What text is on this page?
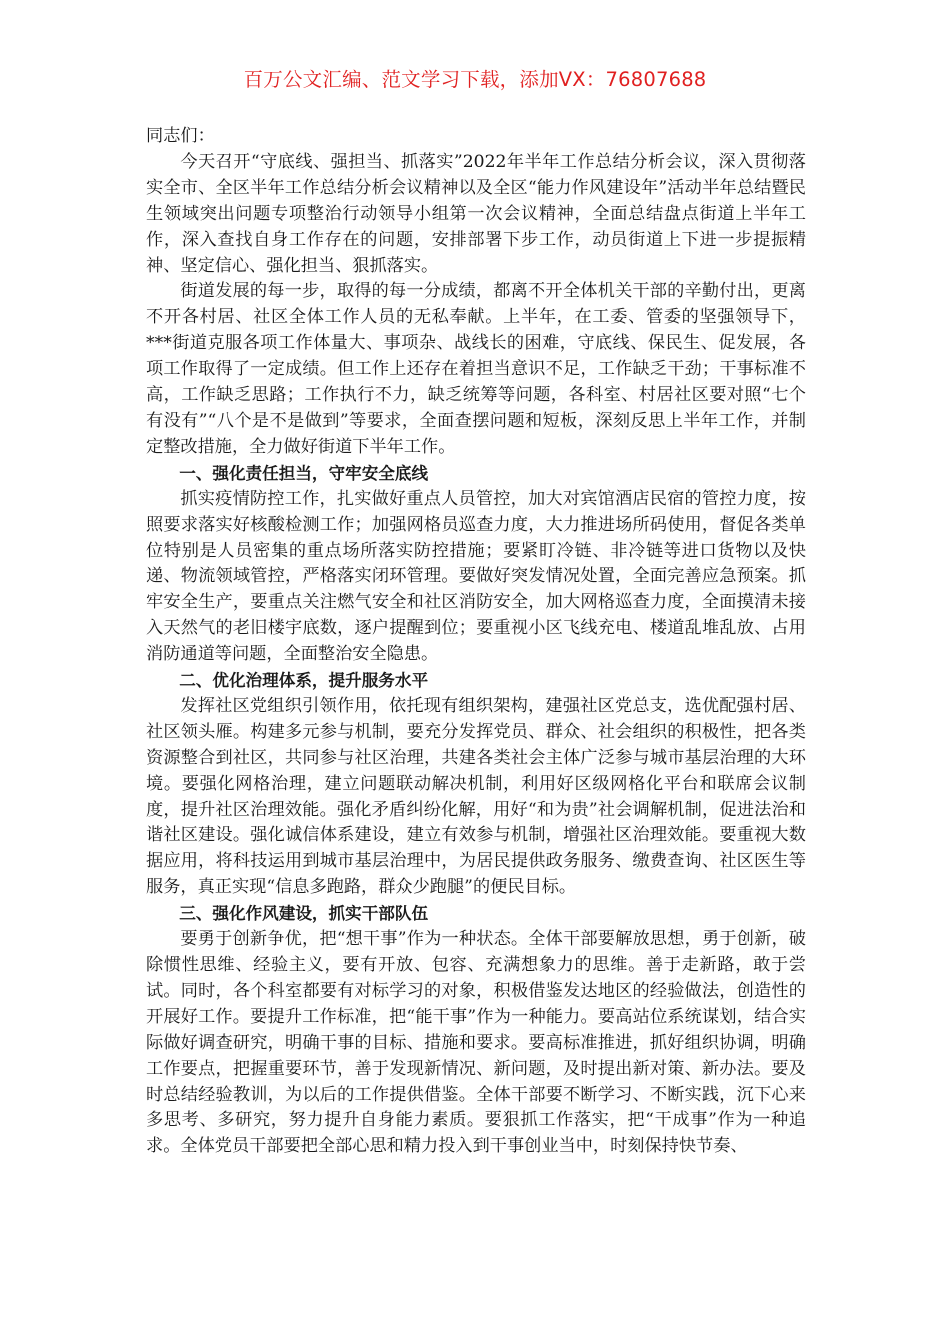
百万公文汇编、范文学习下载，添加VX：76807688

同志们：

今天召开“守底线、强担当、抓落实”2022年半年工作总结分析会议，深入贯彻落实全市、全区半年工作总结分析会议精神以及全区“能力作风建设年”活动半年总结暨民生领域突出问题专项整治行动领导小组第一次会议精神，全面总结盘点街道上半年工作，深入查找自身工作存在的问题，安排部署下步工作，动员街道上下进一步提振精神、坚定信心、强化担当、狠抓落实。

街道发展的每一步，取得的每一分成绩，都离不开全体机关干部的辛勤付出，更离不开各村居、社区全体工作人员的无私奉献。上半年，在工委、管委的坚强领导下，***街道克服各项工作体量大、事项杂、战线长的困难，守底线、保民生、促发展，各项工作取得了一定成绩。但工作上还存在着担当意识不足，工作缺乏干劲；干事标准不高，工作缺乏思路；工作执行不力，缺乏统筹等问题，各科室、村居社区要对照“七个有没有”“八个是不是做到”等要求，全面查摆问题和短板，深刻反思上半年工作，并制定整改措施，全力做好街道下半年工作。

一、强化责任担当，守牢安全底线

抓实疫情防控工作，扎实做好重点人员管控，加大对宾馆酒店民宿的管控力度，按照要求落实好核酸检测工作；加强网格员巡查力度，大力推进场所码使用，督促各类单位特别是人员密集的重点场所落实防控措施；要紧盯冷链、非冷链等进口货物以及快递、物流领域管控，严格落实闭环管理。要做好突发情况处置，全面完善应急预案。抓牢安全生产，要重点关注燃气安全和社区消防安全，加大网格巡查力度，全面摸清未接入天然气的老旧楼宇底数，逐户提醒到位；要重视小区飞线充电、楼道乱堆乱放、占用消防通道等问题，全面整治安全隐患。

二、优化治理体系，提升服务水平

发挥社区党组织引领作用，依托现有组织架构，建强社区党总支，选优配强村居、社区领头雁。构建多元参与机制，要充分发挥党员、群众、社会组织的积极性，把各类资源整合到社区，共同参与社区治理，共建各类社会主体广泛参与城市基层治理的大环境。要强化网格治理，建立问题联动解决机制，利用好区级网格化平台和联席会议制度，提升社区治理效能。强化矛盾纠纷化解，用好“和为贵”社会调解机制，促进法治和谐社区建设。强化诚信体系建设，建立有效参与机制，增强社区治理效能。要重视大数据应用，将科技运用到城市基层治理中，为居民提供政务服务、缴费查询、社区医生等服务，真正实现“信息多跑路，群众少跑腿”的便民目标。

三、强化作风建设，抓实干部队伍

要勇于创新争优，把“想干事”作为一种状态。全体干部要解放思想，勇于创新，破除惯性思维、经验主义，要有开放、包容、充满想象力的思维。善于走新路，敢于尝试。同时，各个科室都要有对标学习的对象，积极借鉴发达地区的经验做法，创造性的开展好工作。要提升工作标准，把“能干事”作为一种能力。要高站位系统谋划，结合实际做好调查研究，明确干事的目标、措施和要求。要高标准推进，抓好组织协调，明确工作要点，把握重要环节，善于发现新情况、新问题，及时提出新对策、新办法。要及时总结经验教训，为以后的工作提供借鉴。全体干部要不断学习、不断实践，沉下心来多思考、多研究，努力提升自身能力素质。要狠抓工作落实，把“干成事”作为一种追求。全体党员干部要把全部心思和精力投入到干事创业当中，时刻保持快节奏、
